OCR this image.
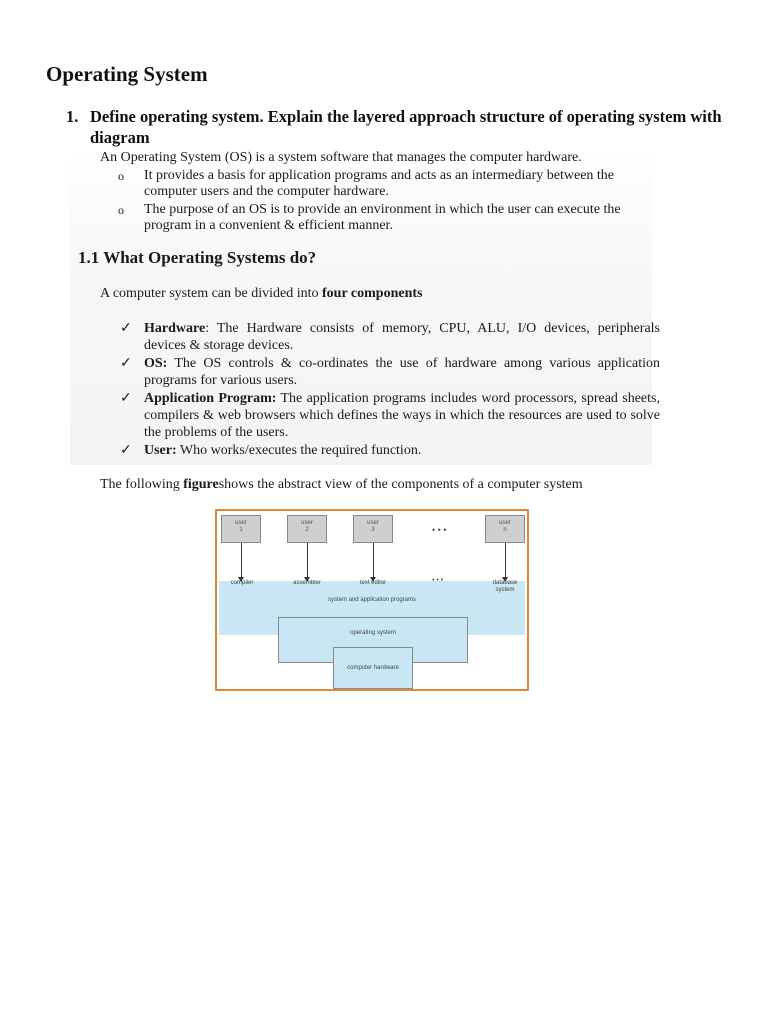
Operating System
1. Define operating system. Explain the layered approach structure of operating system with diagram
An Operating System (OS) is a system software that manages the computer hardware.
o It provides a basis for application programs and acts as an intermediary between the computer users and the computer hardware.
o The purpose of an OS is to provide an environment in which the user can execute the program in a convenient & efficient manner.
1.1 What Operating Systems do?
A computer system can be divided into four components
✓ Hardware: The Hardware consists of memory, CPU, ALU, I/O devices, peripherals devices & storage devices.
✓ OS: The OS controls & co-ordinates the use of hardware among various application programs for various users.
✓ Application Program: The application programs includes word processors, spread sheets, compilers & web browsers which defines the ways in which the resources are used to solve the problems of the users.
✓ User: Who works/executes the required function.
The following figureshows the abstract view of the components of a computer system
user
1
user
2
user
3	• • •
user
n
compiler	assembler	text editor	• • •	database
system
system and application programs
operating system
computer hardware
